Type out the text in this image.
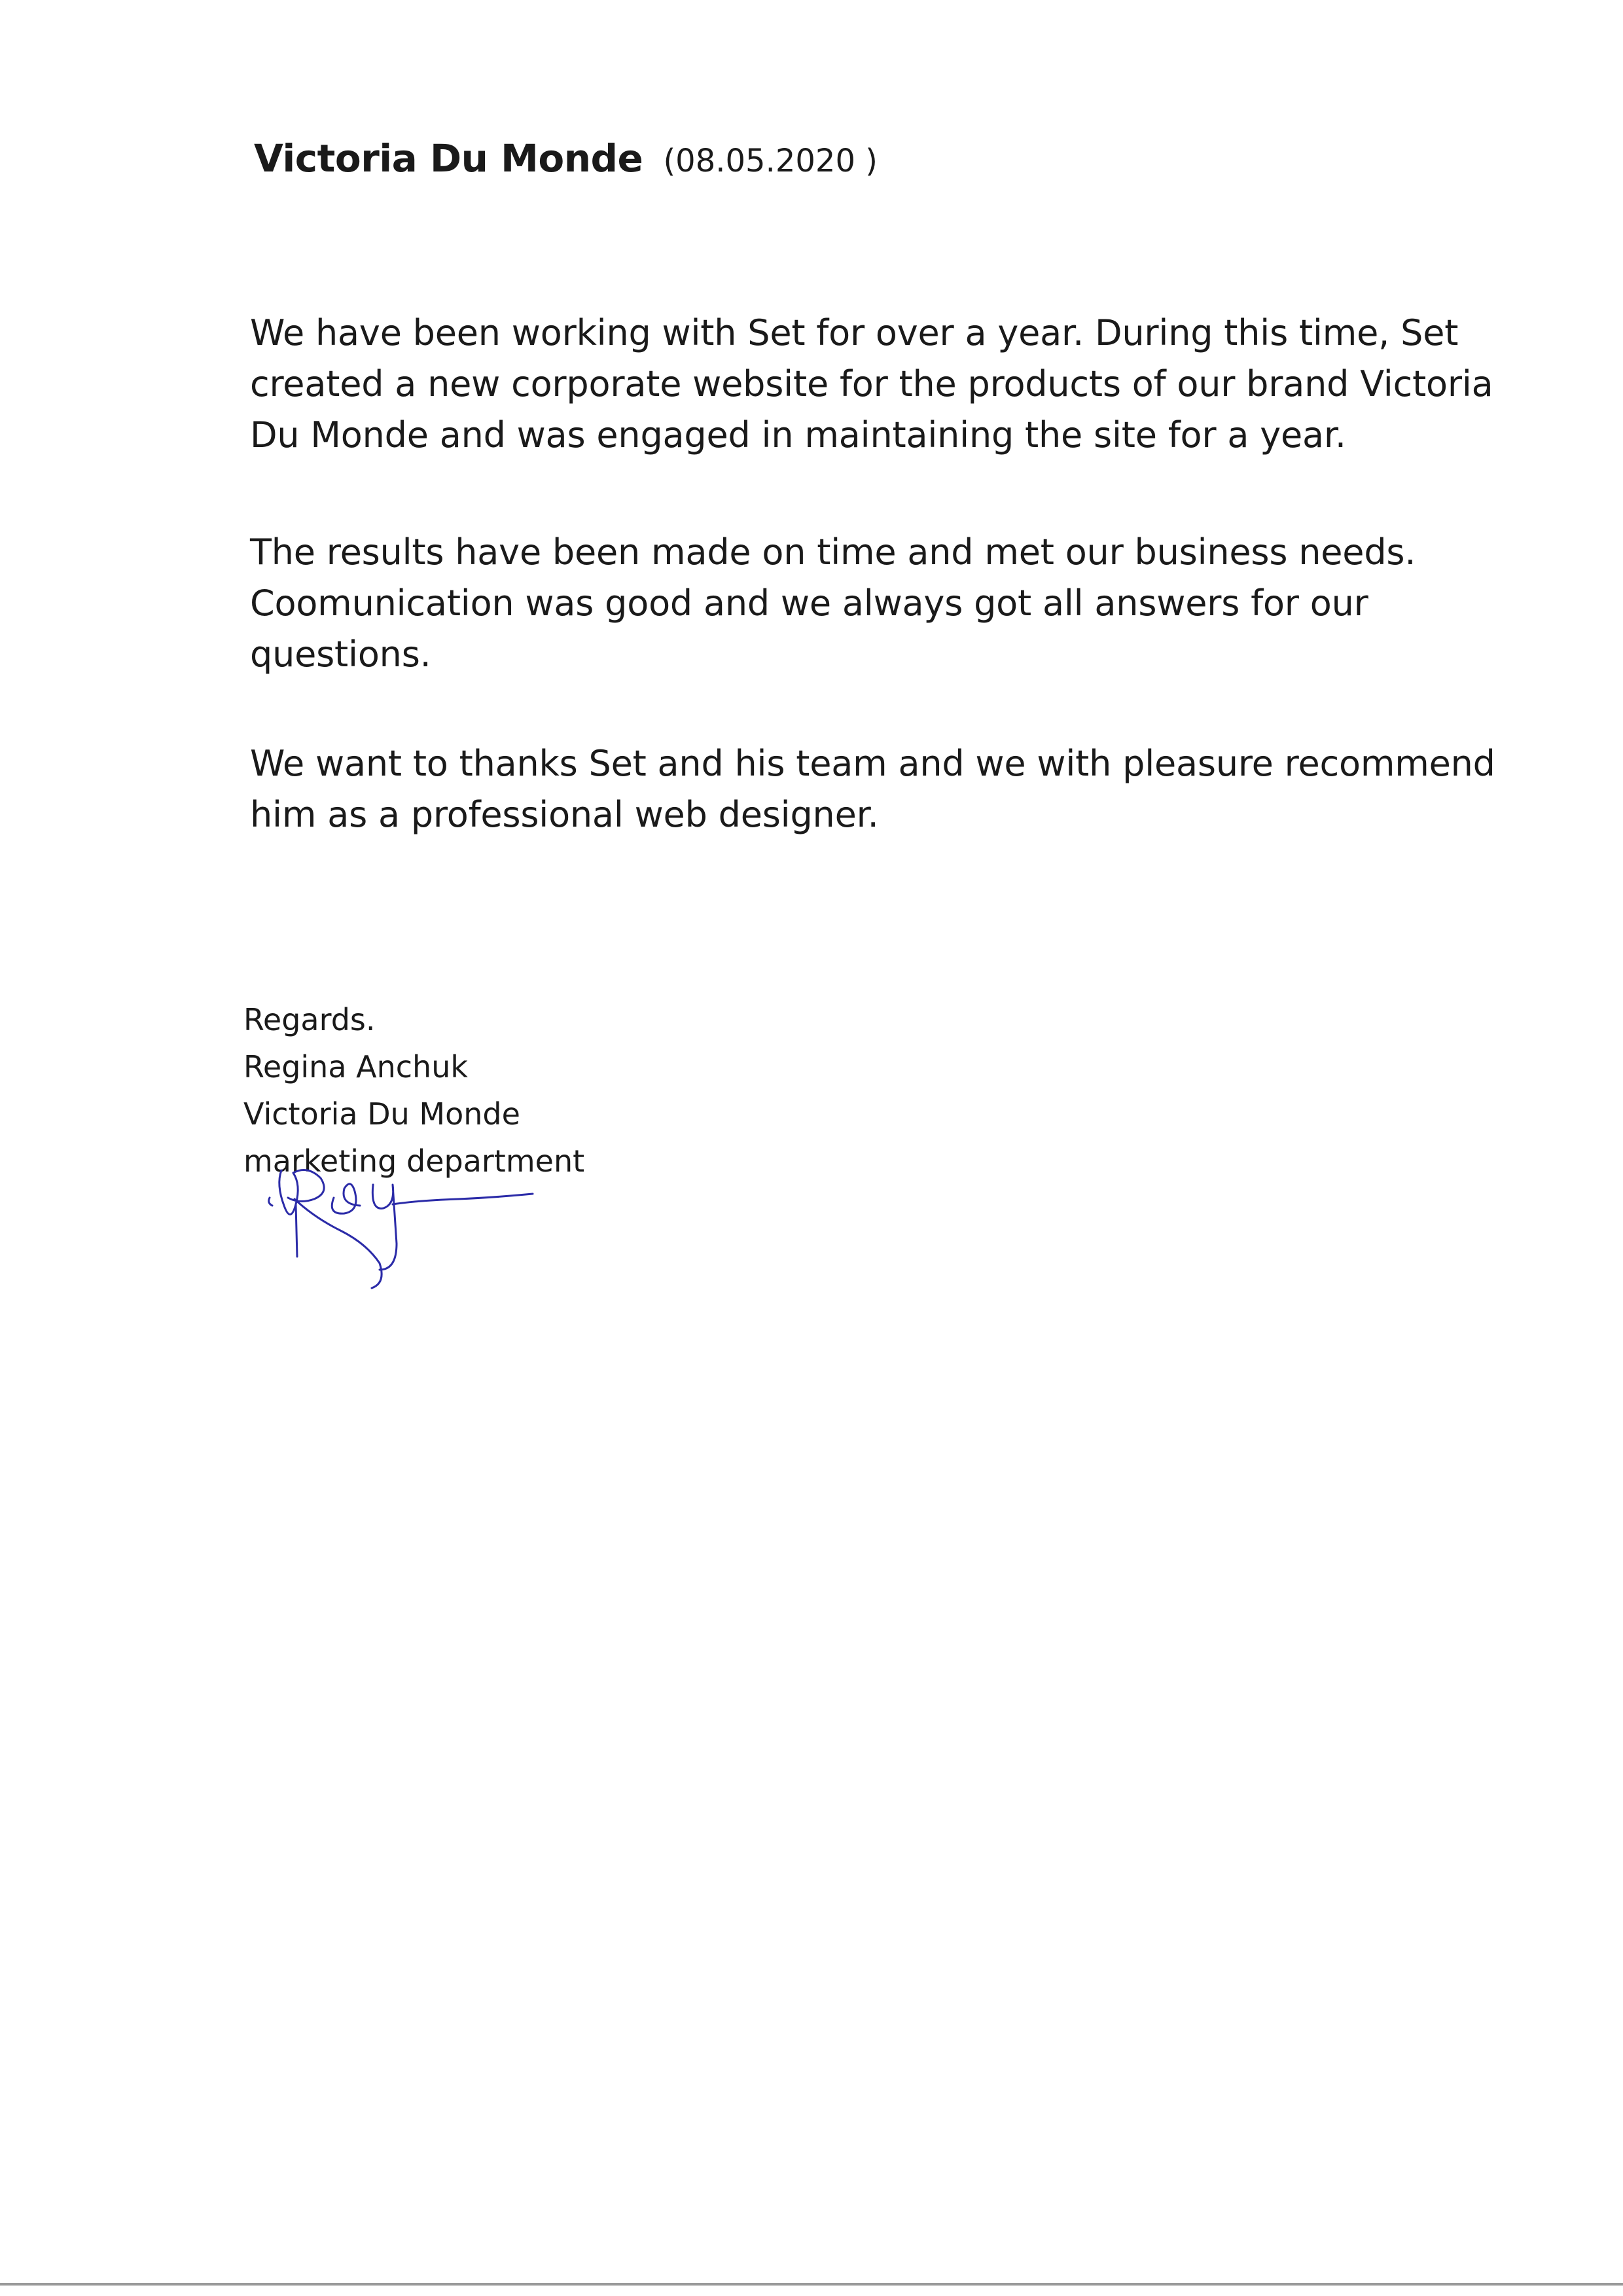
Victoria Du Monde (08.05.2020 )
We have been working with Set for over a year. During this time, Set
created a new corporate website for the products of our brand Victoria
Du Monde and was engaged in maintaining the site for a year.
The results have been made on time and met our business needs.
Coomunication was good and we always got all answers for our
questions.
We want to thanks Set and his team and we with pleasure recommend
him as a professional web designer.
Regards.
Regina Anchuk
Victoria Du Monde
marketing department
